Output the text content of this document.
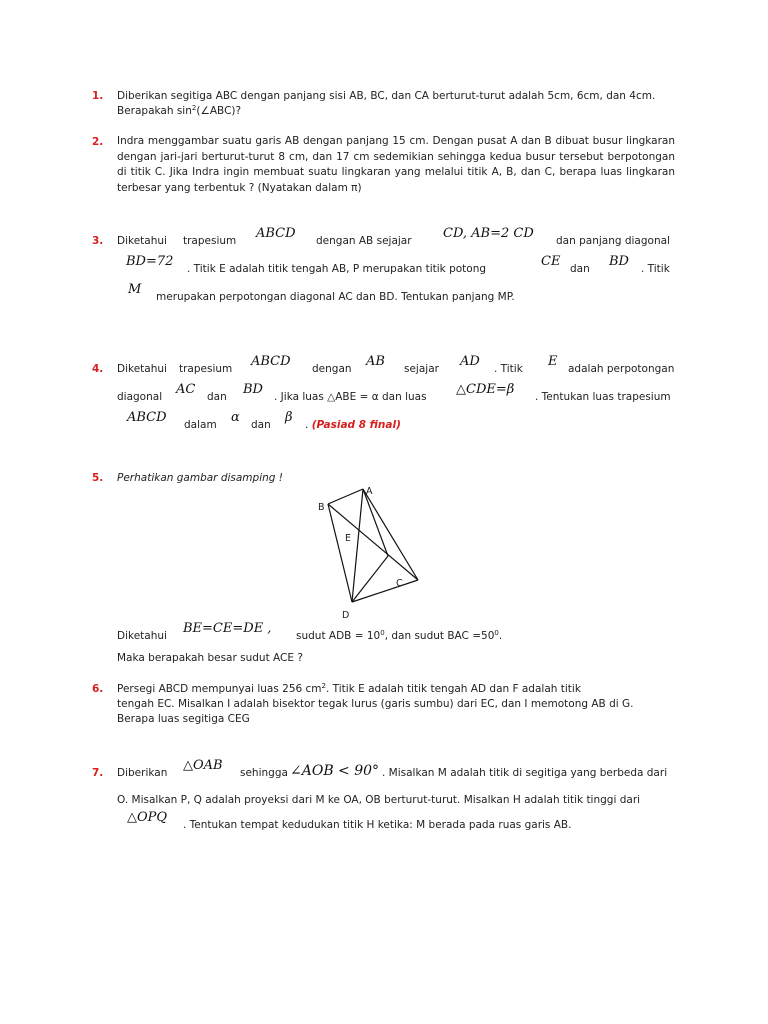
1. Diberikan segitiga ABC dengan panjang sisi AB, BC, dan CA berturut-turut adalah 5cm, 6cm, dan 4cm.
Berapakah $\sin^2(\angle ABC)$?
2. Indra menggambar suatu garis AB dengan panjang 15 cm. Dengan pusat A dan B dibuat busur lingkaran dengan jari-jari berturut-turut 8 cm, dan 17 cm sedemikian sehingga kedua busur tersebut berpotongan di titik C. Jika Indra ingin membuat suatu lingkaran yang melalui titik A, B, dan C, berapa luas lingkaran terbesar yang terbentuk ? (Nyatakan dalam π)
3. Diketahui trapesium ABCD dengan AB sejajar CD, AB=2 CD dan panjang diagonal
BD=72 . Titik E adalah titik tengah AB, P merupakan titik potong	CE dan BD . Titik
M merupakan perpotongan diagonal AC dan BD. Tentukan panjang MP.
4. Diketahui trapesium ABCD dengan AB sejajar AD . Titik E adalah perpotongan
diagonal AC dan BD . Jika luas △ABE = α dan luas △CDE=β . Tentukan luas trapesium
ABCD dalam α dan β . (Pasiad 8 final)
5. Perhatikan gambar disamping !
A
B
C
D
E
Diketahui BE=CE=DE , sudut ADB = $10^0$, dan sudut BAC $=50^0$.
Maka berapakah besar sudut ACE ?
6. Persegi ABCD mempunyai luas 256 $cm^2$. Titik E adalah titik tengah AD dan F adalah titik
tengah EC. Misalkan I adalah bisektor tegak lurus (garis sumbu) dari EC, dan I memotong AB di G.
Berapa luas segitiga CEG
7. Diberikan △OAB sehingga ∠AOB < 90° . Misalkan M adalah titik di segitiga yang berbeda dari
O. Misalkan P, Q adalah proyeksi dari M ke OA, OB berturut-turut. Misalkan H adalah titik tinggi dari
△OPQ . Tentukan tempat kedudukan titik H ketika: M berada pada ruas garis AB.
